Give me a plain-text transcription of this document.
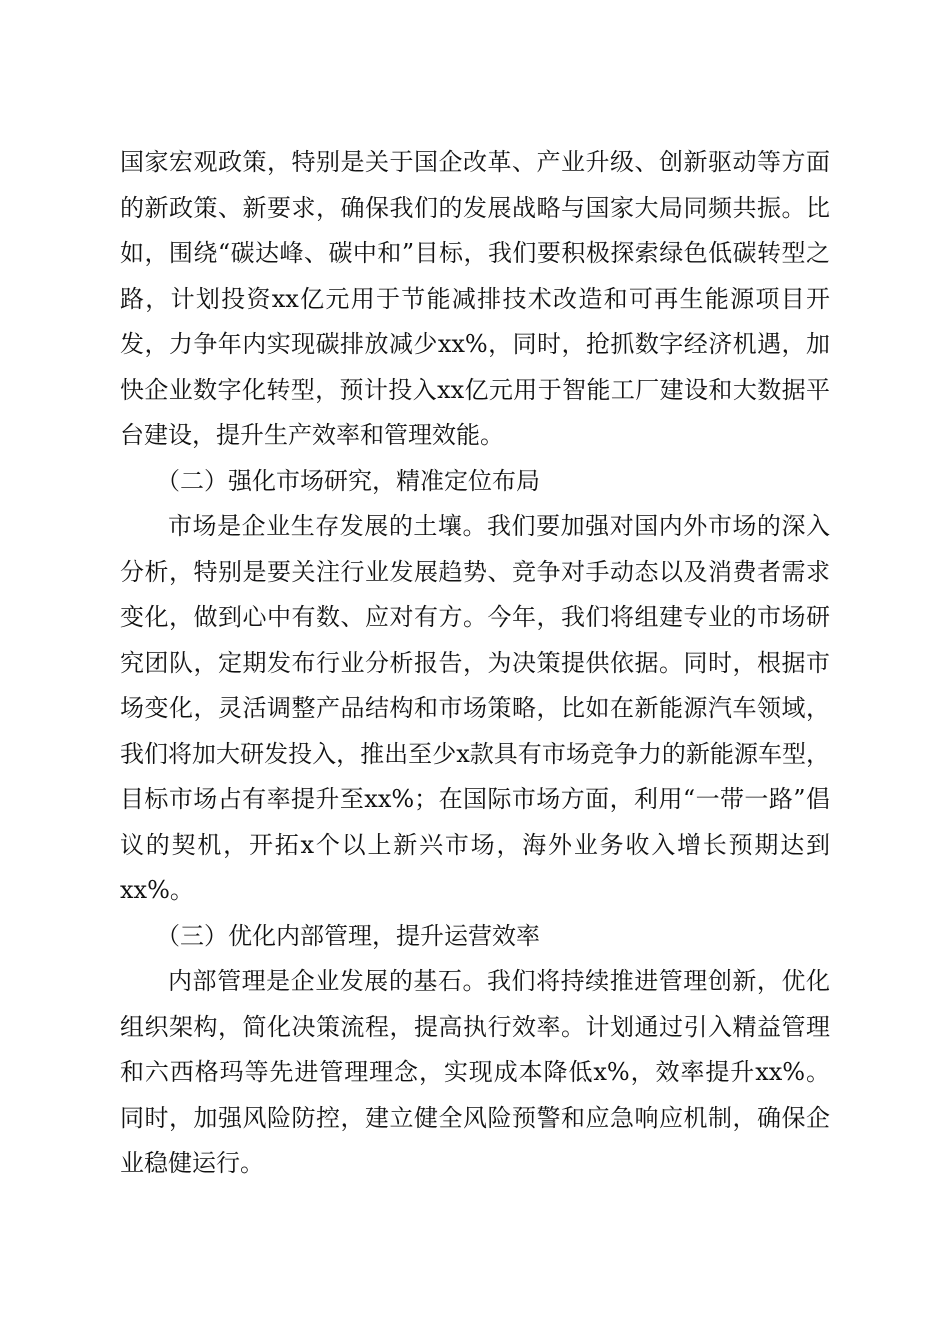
国家宏观政策，特别是关于国企改革、产业升级、创新驱动等方面的新政策、新要求，确保我们的发展战略与国家大局同频共振。比如，围绕“碳达峰、碳中和”目标，我们要积极探索绿色低碳转型之路，计划投资xx亿元用于节能减排技术改造和可再生能源项目开发，力争年内实现碳排放减少xx%，同时，抢抓数字经济机遇，加快企业数字化转型，预计投入xx亿元用于智能工厂建设和大数据平台建设，提升生产效率和管理效能。

（二）强化市场研究，精准定位布局

市场是企业生存发展的土壤。我们要加强对国内外市场的深入分析，特别是要关注行业发展趋势、竞争对手动态以及消费者需求变化，做到心中有数、应对有方。今年，我们将组建专业的市场研究团队，定期发布行业分析报告，为决策提供依据。同时，根据市场变化，灵活调整产品结构和市场策略，比如在新能源汽车领域，我们将加大研发投入，推出至少x款具有市场竞争力的新能源车型，目标市场占有率提升至xx%；在国际市场方面，利用“一带一路”倡议的契机，开拓x个以上新兴市场，海外业务收入增长预期达到xx%。

（三）优化内部管理，提升运营效率

内部管理是企业发展的基石。我们将持续推进管理创新，优化组织架构，简化决策流程，提高执行效率。计划通过引入精益管理和六西格玛等先进管理理念，实现成本降低x%，效率提升xx%。同时，加强风险防控，建立健全风险预警和应急响应机制，确保企业稳健运行。
